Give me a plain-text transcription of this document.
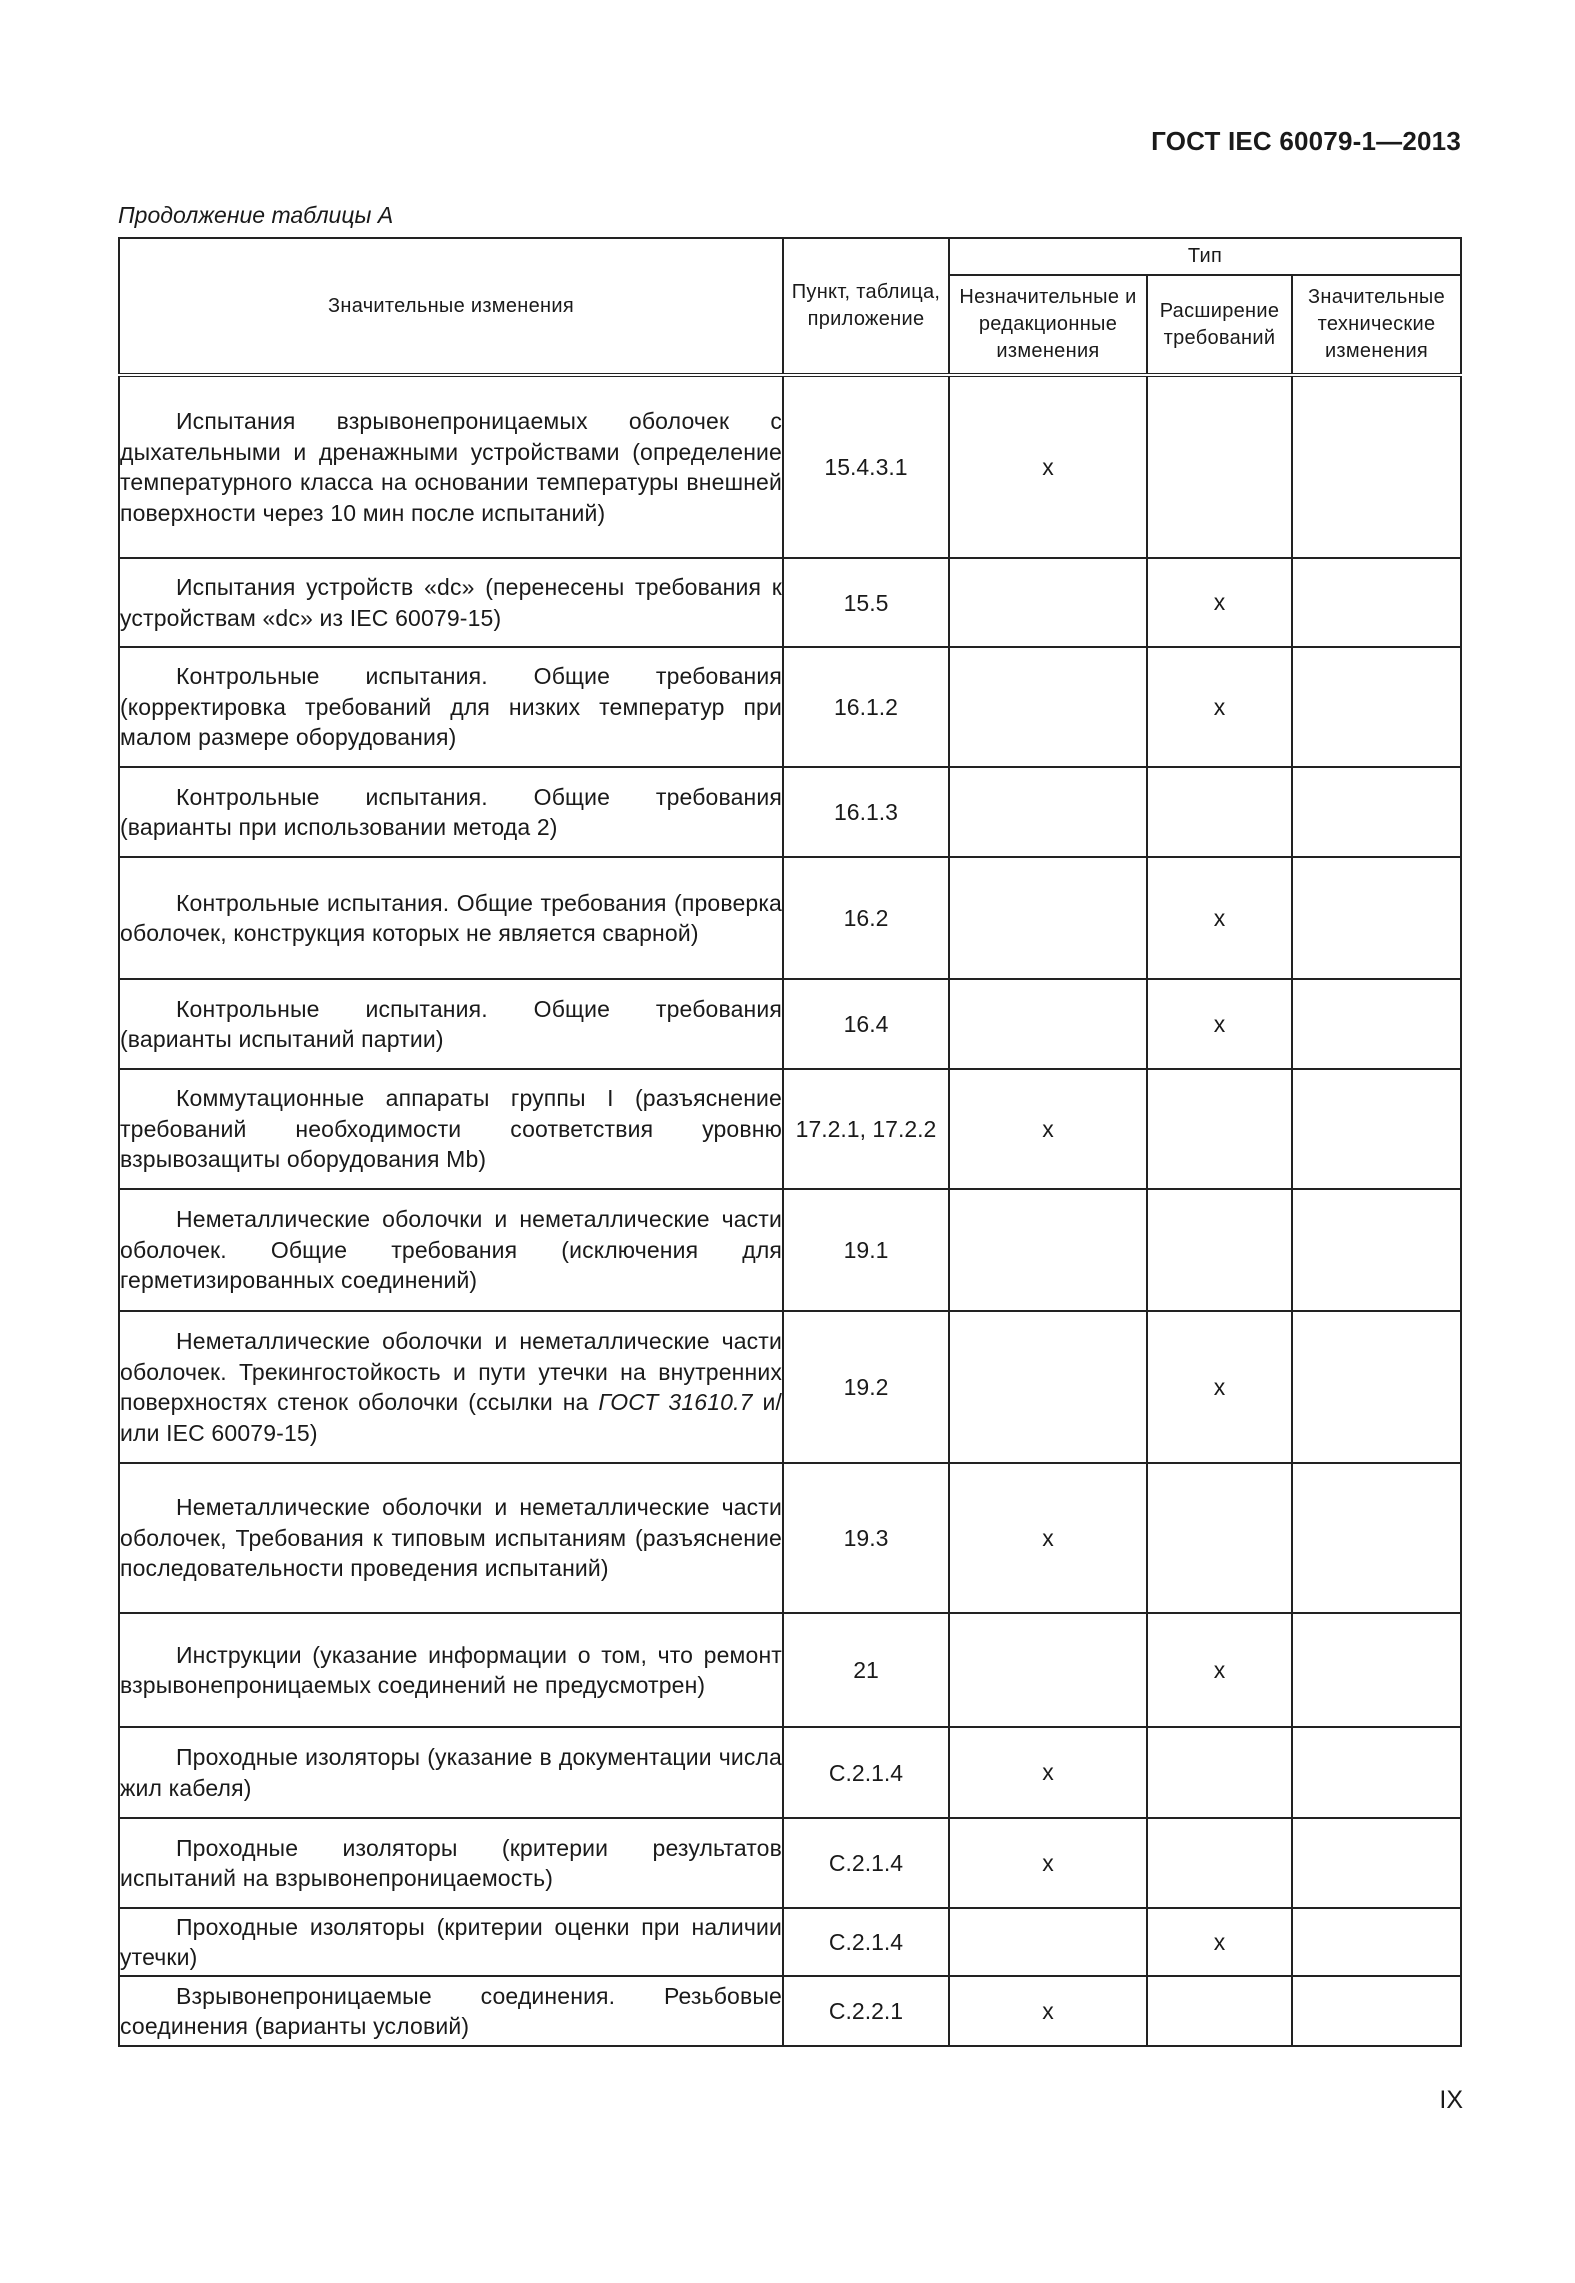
ГОСТ IEC 60079-1—2013
Продолжение таблицы А
Значительные изменения	Пункт, таблица, приложение	Тип		
		Незначительные и редакционные изменения	Расширение требований	Значительные технические изменения
Испытания взрывонепроницаемых оболочек с дыхательными и дренажными устройствами (определение температурного класса на основании температуры внешней поверхности через 10 мин после испытаний)	15.4.3.1	x		
Испытания устройств «dc» (перенесены требования к устройствам «dc» из IEC 60079-15)	15.5		x	
Контрольные испытания. Общие требования (корректировка требований для низких температур при малом размере оборудования)	16.1.2		x	
Контрольные испытания. Общие требования (варианты при использовании метода 2)	16.1.3			
Контрольные испытания. Общие требования (проверка оболочек, конструкция которых не является сварной)	16.2		x	
Контрольные испытания. Общие требования (варианты испытаний партии)	16.4		x	
Коммутационные аппараты группы I (разъяснение требований необходимости соответствия уровню взрывозащиты оборудования Mb)	17.2.1, 17.2.2	x		
Неметаллические оболочки и неметаллические части оболочек. Общие требования (исключения для герметизированных соединений)	19.1			
Неметаллические оболочки и неметаллические части оболочек. Трекингостойкость и пути утечки на внутренних поверхностях стенок оболочки (ссылки на ГОСТ 31610.7 и/или IEC 60079-15)	19.2		x	
Неметаллические оболочки и неметаллические части оболочек, Требования к типовым испытаниям (разъяснение последовательности проведения испытаний)	19.3	x		
Инструкции (указание информации о том, что ремонт взрывонепроницаемых соединений не предусмотрен)	21		x	
Проходные изоляторы (указание в документации числа жил кабеля)	C.2.1.4	x		
Проходные изоляторы (критерии результатов испытаний на взрывонепроницаемость)	C.2.1.4	x		
Проходные изоляторы (критерии оценки при наличии утечки)	C.2.1.4		x	
Взрывонепроницаемые соединения. Резьбовые соединения (варианты условий)	C.2.2.1	x		
IX
